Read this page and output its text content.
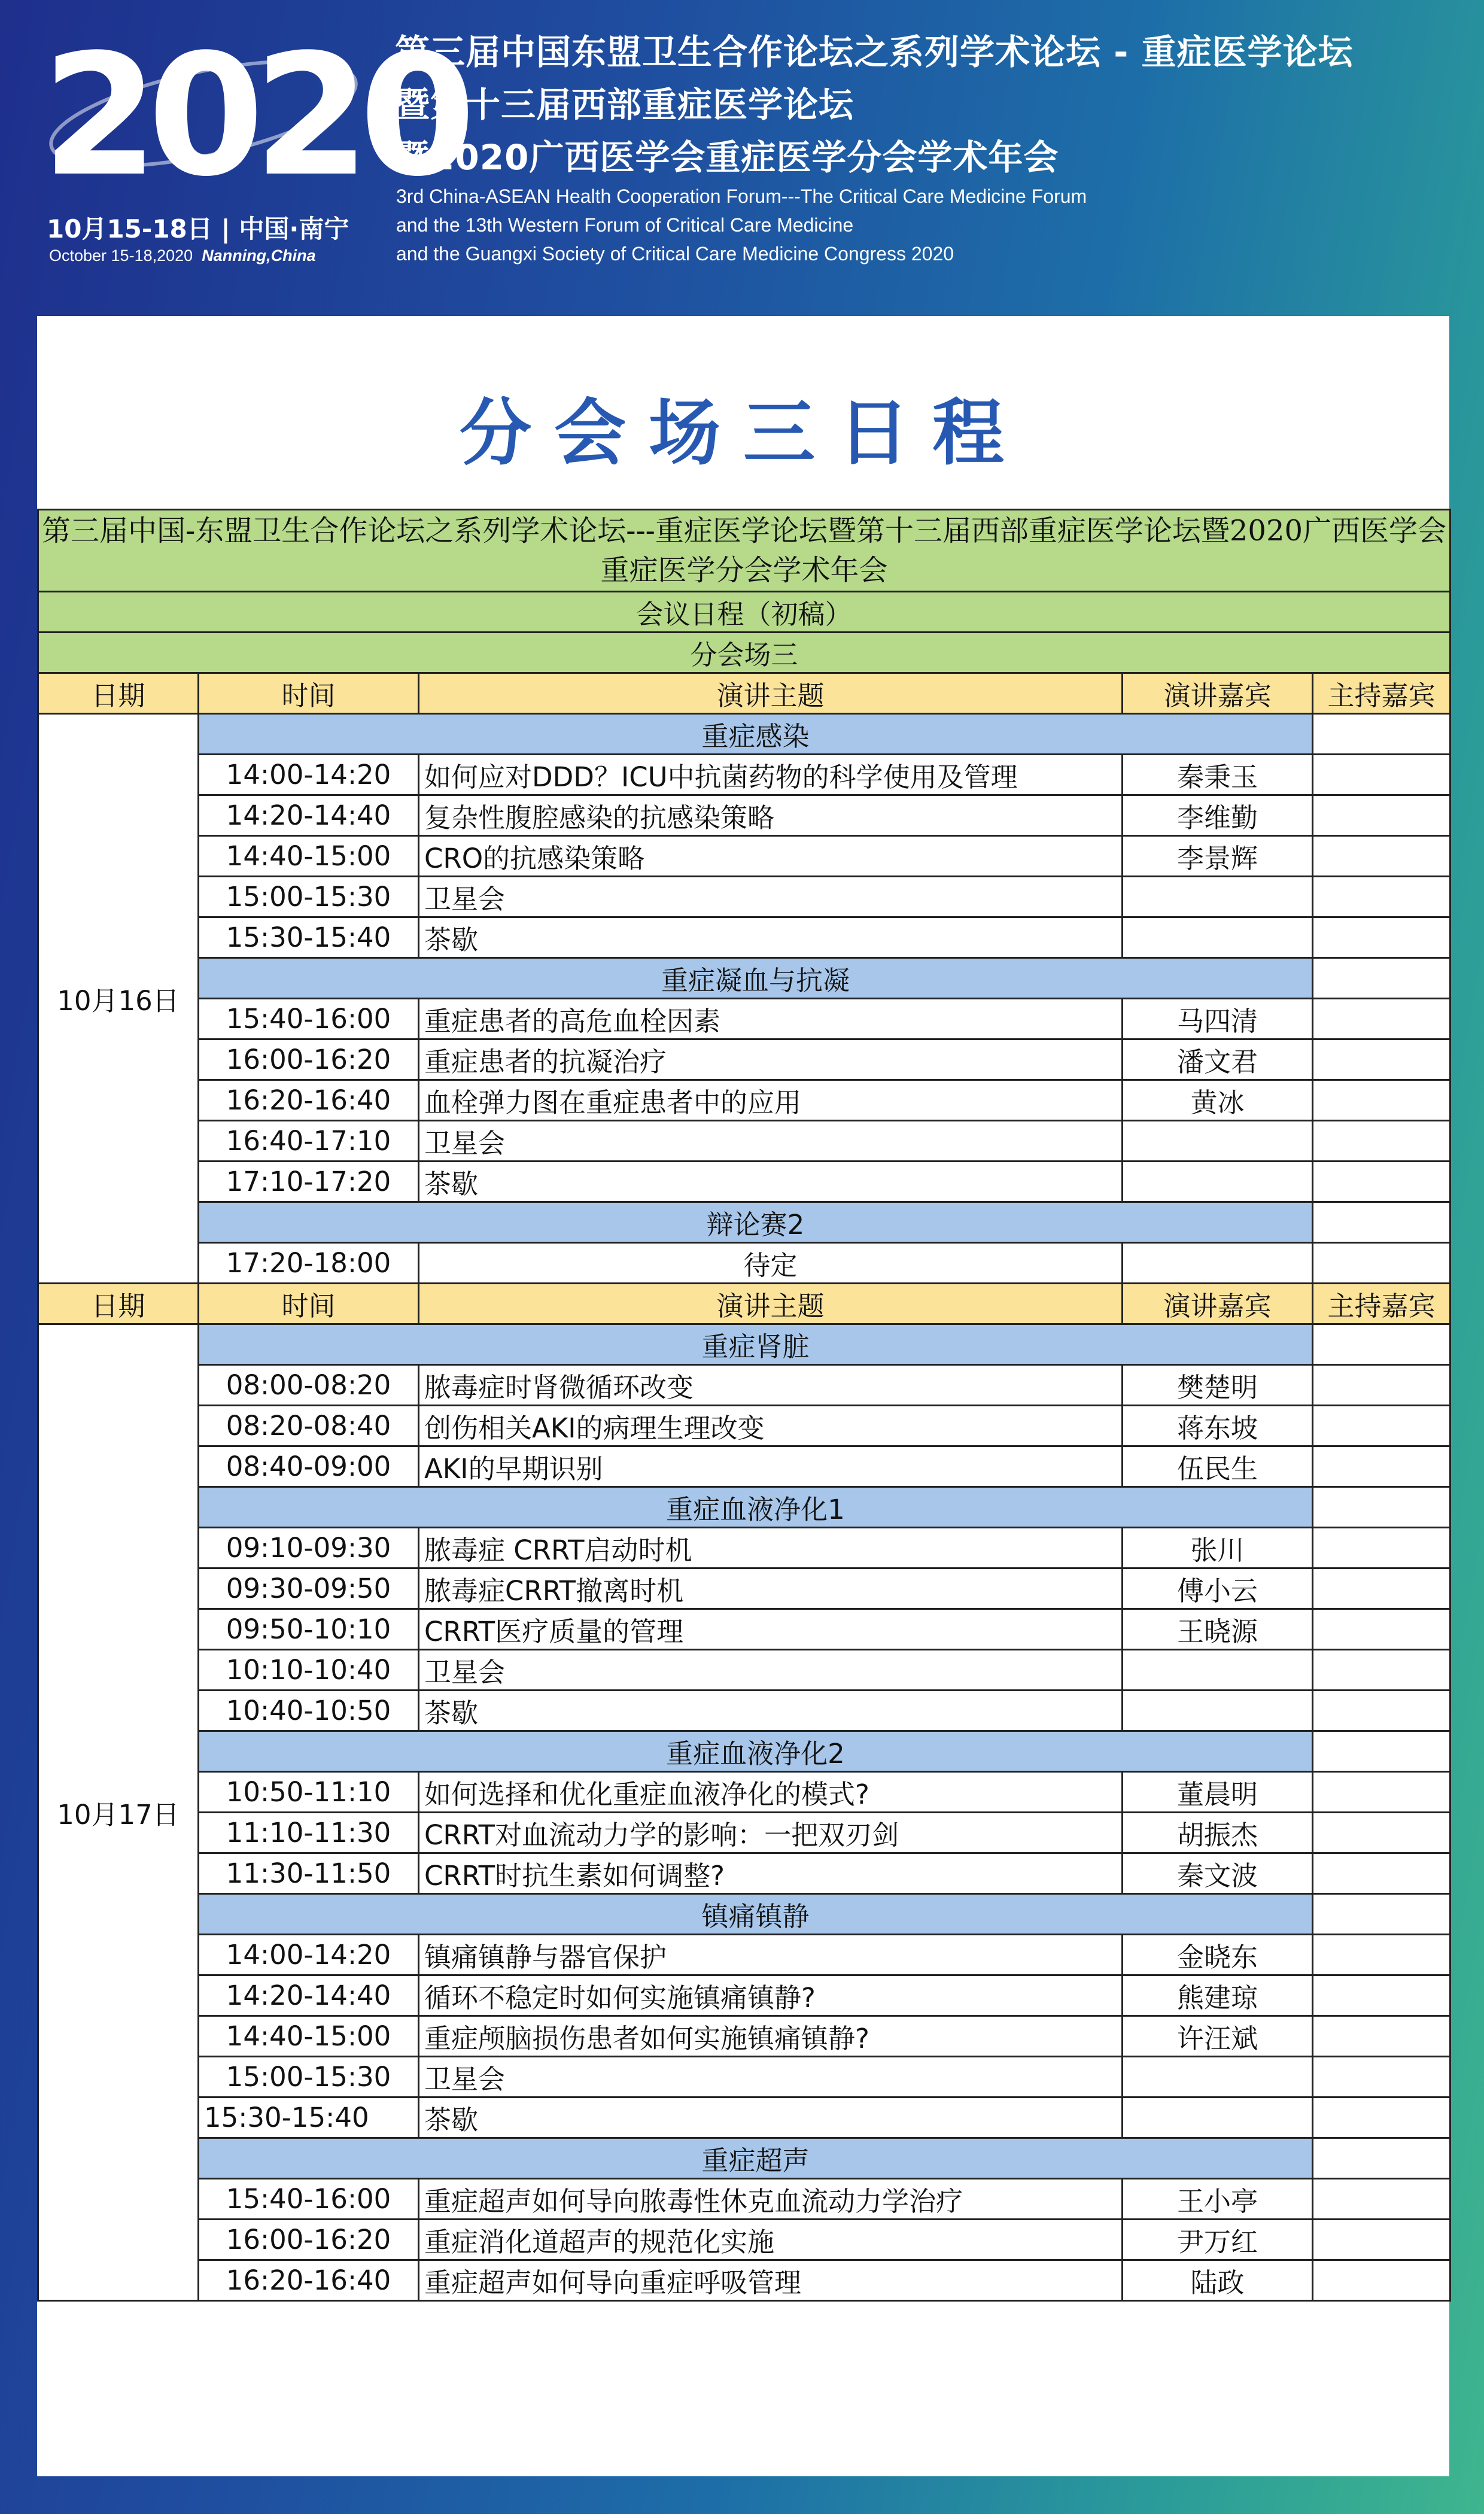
2020
10月15-18日 | 中国·南宁
October 15-18,2020 Nanning,China
第三届中国东盟卫生合作论坛之系列学术论坛 - 重症医学论坛
暨第十三届西部重症医学论坛
暨2020广西医学会重症医学分会学术年会
3rd China-ASEAN Health Cooperation Forum---The Critical Care Medicine Forum
and the 13th Western Forum of Critical Care Medicine
and the Guangxi Society of Critical Care Medicine Congress 2020
分会场三日程
第三届中国-东盟卫生合作论坛之系列学术论坛---重症医学论坛暨第十三届西部重症医学论坛暨2020广西医学会重症医学分会学术年会				
会议日程（初稿）				
分会场三				
日期	时间	演讲主题	演讲嘉宾	主持嘉宾
10月16日	重症感染			
	14:00-14:20	如何应对DDD？ICU中抗菌药物的科学使用及管理	秦秉玉	
	14:20-14:40	复杂性腹腔感染的抗感染策略	李维勤	
	14:40-15:00	CRO的抗感染策略	李景辉	
	15:00-15:30	卫星会		
	15:30-15:40	茶歇		
	重症凝血与抗凝			
	15:40-16:00	重症患者的高危血栓因素	马四清	
	16:00-16:20	重症患者的抗凝治疗	潘文君	
	16:20-16:40	血栓弹力图在重症患者中的应用	黄冰	
	16:40-17:10	卫星会		
	17:10-17:20	茶歇		
	辩论赛2			
	17:20-18:00	待定		
日期	时间	演讲主题	演讲嘉宾	主持嘉宾
10月17日	重症肾脏			
	08:00-08:20	脓毒症时肾微循环改变	樊楚明	
	08:20-08:40	创伤相关AKI的病理生理改变	蒋东坡	
	08:40-09:00	AKI的早期识别	伍民生	
	重症血液净化1			
	09:10-09:30	脓毒症 CRRT启动时机	张川	
	09:30-09:50	脓毒症CRRT撤离时机	傅小云	
	09:50-10:10	CRRT医疗质量的管理	王晓源	
	10:10-10:40	卫星会		
	10:40-10:50	茶歇		
	重症血液净化2			
	10:50-11:10	如何选择和优化重症血液净化的模式?	董晨明	
	11:10-11:30	CRRT对血流动力学的影响：一把双刃剑	胡振杰	
	11:30-11:50	CRRT时抗生素如何调整?	秦文波	
	镇痛镇静			
	14:00-14:20	镇痛镇静与器官保护	金晓东	
	14:20-14:40	循环不稳定时如何实施镇痛镇静?	熊建琼	
	14:40-15:00	重症颅脑损伤患者如何实施镇痛镇静?	许汪斌	
	15:00-15:30	卫星会		
	15:30-15:40	茶歇		
	重症超声			
	15:40-16:00	重症超声如何导向脓毒性休克血流动力学治疗	王小亭	
	16:00-16:20	重症消化道超声的规范化实施	尹万红	
	16:20-16:40	重症超声如何导向重症呼吸管理	陆政	
